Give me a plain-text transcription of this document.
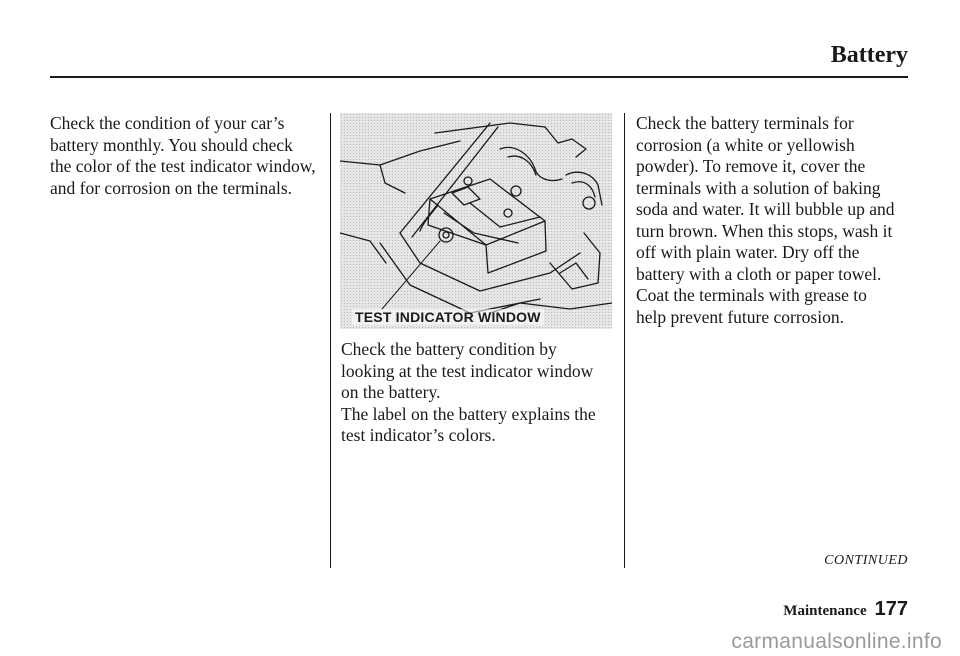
Battery

Check the condition of your car’s

battery monthly. You should check

the color of the test indicator window,

and for corrosion on the terminals.

TEST INDICATOR WINDOW

Check the battery condition by

looking at the test indicator window

on the battery.

The label on the battery explains the

test indicator’s colors.

Check the battery terminals for

corrosion (a white or yellowish

powder). To remove it, cover the

terminals with a solution of baking

soda and water. It will bubble up and

turn brown. When this stops, wash it

off with plain water. Dry off the

battery with a cloth or paper towel.

Coat the terminals with grease to

help prevent future corrosion.

CONTINUED
Maintenance 177
carmanualsonline.info
